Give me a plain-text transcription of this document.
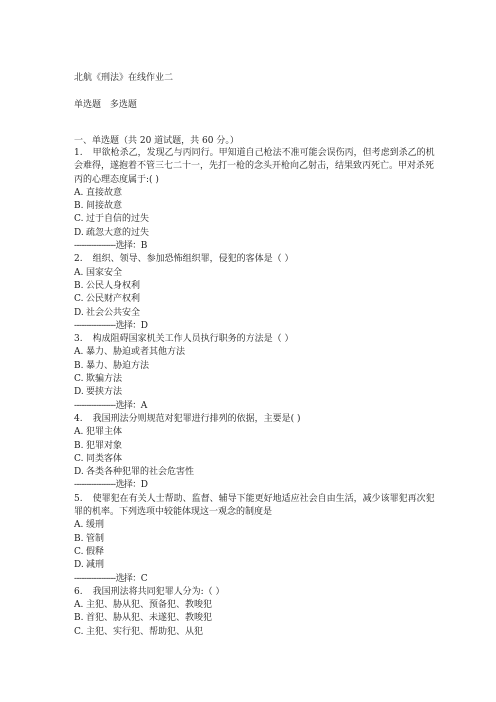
北航《刑法》在线作业二
单选题 多选题
一、单选题（共 20 道试题，共 60 分。）
1. 甲欲枪杀乙，发现乙与丙同行。甲知道自己枪法不准可能会误伤丙，但考虑到杀乙的机会难得，遂抱着不管三七二十一，先打一枪的念头开枪向乙射击，结果致丙死亡。甲对杀死丙的心理态度属于:( )
A. 直接故意
B. 间接故意
C. 过于自信的过失
D. 疏忽大意的过失
-----------------选择：B
2. 组织、领导、参加恐怖组织罪，侵犯的客体是（ ）
A. 国家安全
B. 公民人身权利
C. 公民财产权利
D. 社会公共安全
-----------------选择：D
3. 构成阻碍国家机关工作人员执行职务的方法是（ ）
A. 暴力、胁迫或者其他方法
B. 暴力、胁迫方法
C. 欺骗方法
D. 要挟方法
-----------------选择：A
4. 我国刑法分则规范对犯罪进行排列的依据，主要是( )
A. 犯罪主体
B. 犯罪对象
C. 同类客体
D. 各类各种犯罪的社会危害性
-----------------选择：D
5. 使罪犯在有关人士帮助、监督、辅导下能更好地适应社会自由生活，减少该罪犯再次犯罪的机率。下列选项中较能体现这一观念的制度是
A. 缓刑
B. 管制
C. 假释
D. 减刑
-----------------选择：C
6. 我国刑法将共同犯罪人分为:（ ）
A. 主犯、胁从犯、预备犯、教唆犯
B. 首犯、胁从犯、未遂犯、教唆犯
C. 主犯、实行犯、帮助犯、从犯
